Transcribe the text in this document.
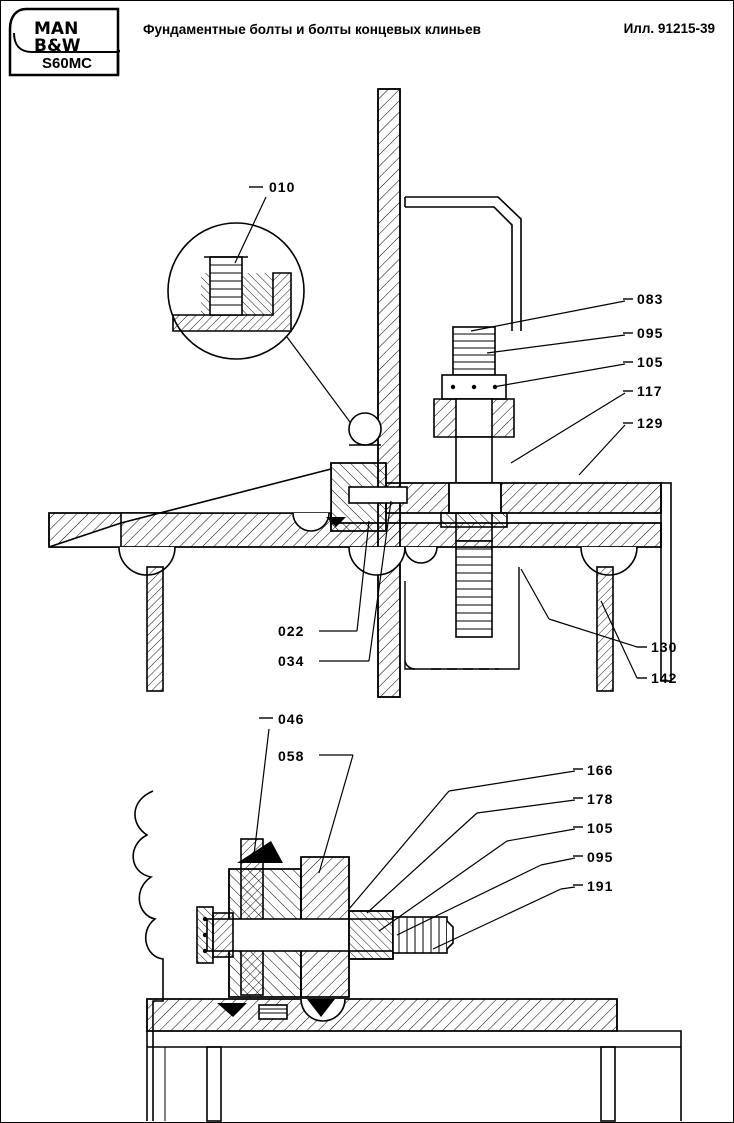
MAN
B&W
S60MC
Фундаментные болты и болты концевых клиньев	Илл. 91215-39
010
083
095
105
117
129
022
034
130
142
046
058
166
178
105
095
191
